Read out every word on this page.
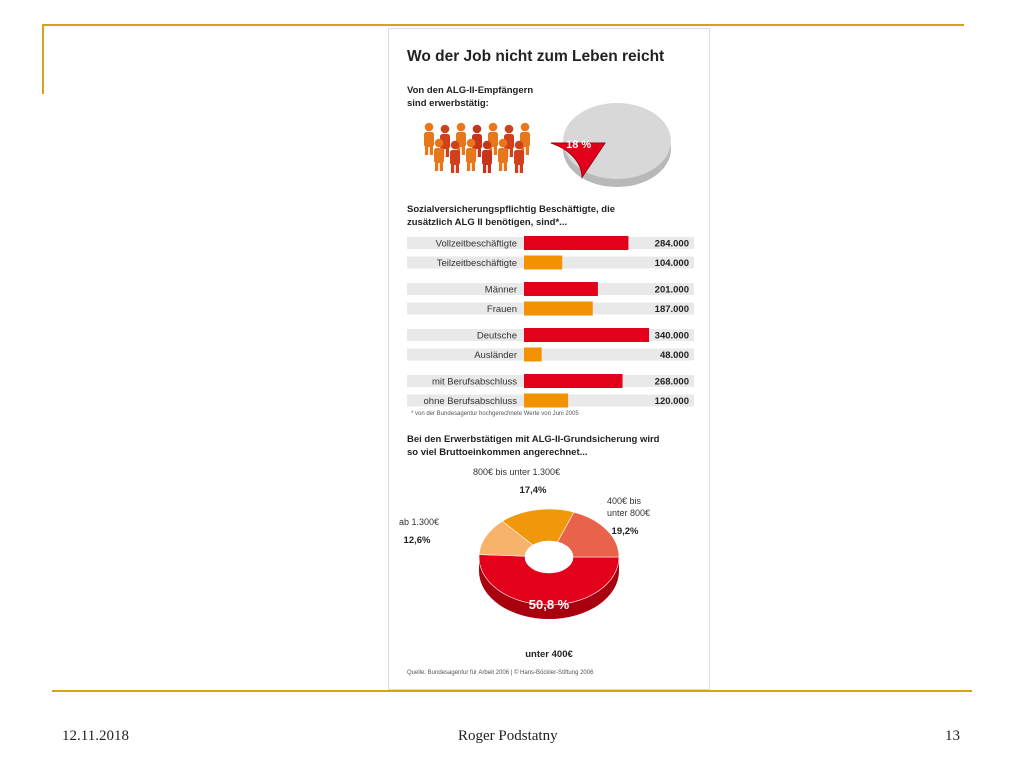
Wo der Job nicht zum Leben reicht
Von den ALG-II-Empfängern
sind erwerbstätig:
18 %
Sozialversicherungspflichtig Beschäftigte, die
zusätzlich ALG II benötigen, sind*...
Vollzeitbeschäftigte	284.000
Teilzeitbeschäftigte	104.000
Männer	201.000
Frauen	187.000
Deutsche	340.000
Ausländer	48.000
mit Berufsabschluss	268.000
ohne Berufsabschluss	120.000
* von der Bundesagentur hochgerechnete Werte von Juni 2005
Bei den Erwerbstätigen mit ALG-II-Grundsicherung wird
so viel Bruttoeinkommen angerechnet...
50,8 %
unter 400€
ab 1.300€
12,6%
800€ bis unter 1.300€
17,4%
400€ bis
unter 800€
19,2%
Quelle: Bundesagentur für Arbeit 2006 | © Hans-Böckler-Stiftung 2006
12.11.2018	Roger Podstatny	13
